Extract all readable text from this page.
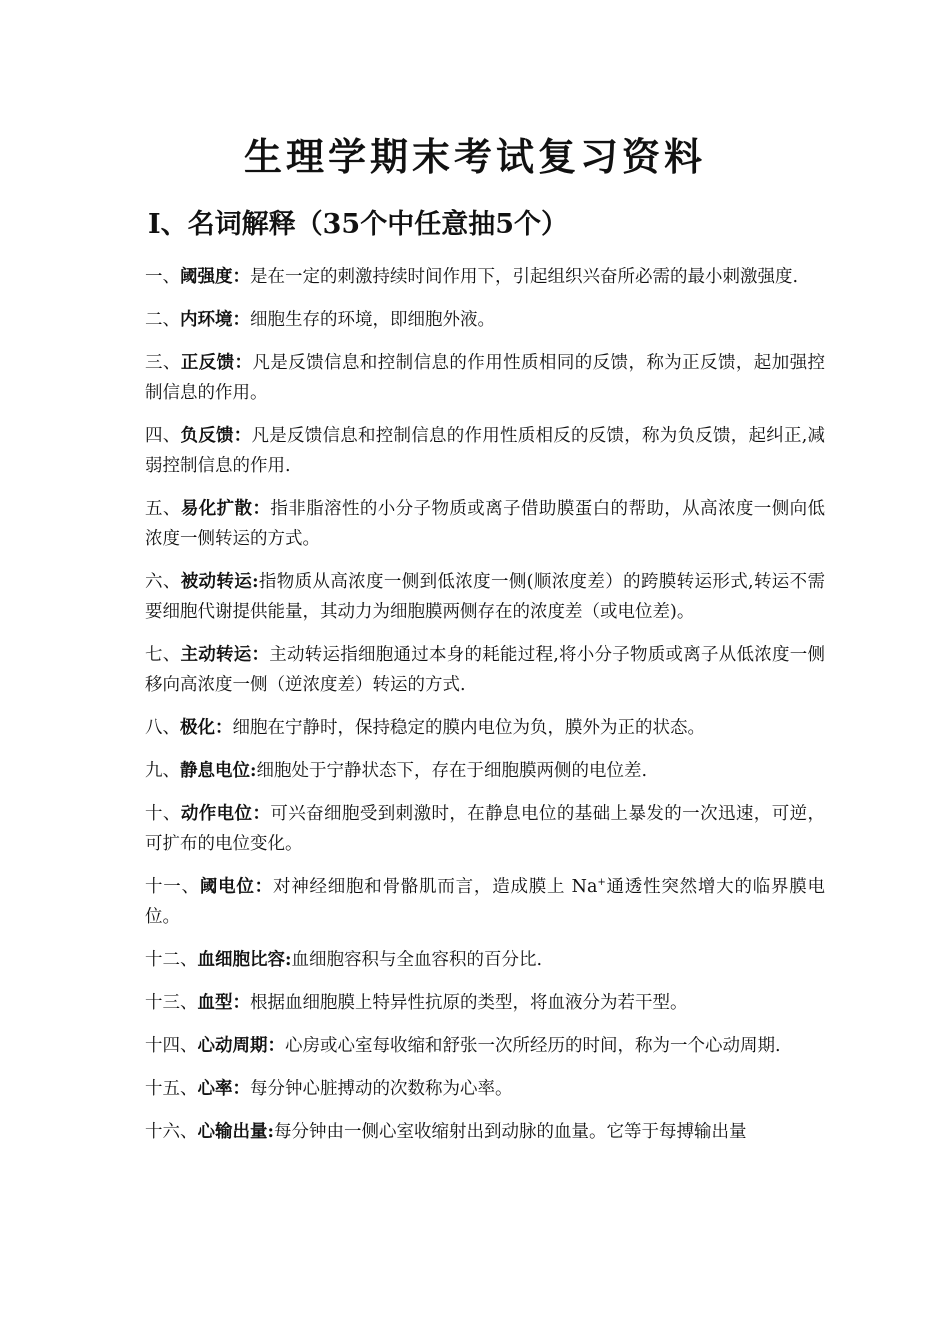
生理学期末考试复习资料
Ⅰ、名词解释（35个中任意抽5个）

一、阈强度：是在一定的刺激持续时间作用下，引起组织兴奋所必需的最小刺激强度.

二、内环境：细胞生存的环境，即细胞外液。

三、正反馈：凡是反馈信息和控制信息的作用性质相同的反馈，称为正反馈，起加强控制信息的作用。

四、负反馈：凡是反馈信息和控制信息的作用性质相反的反馈，称为负反馈，起纠正,减弱控制信息的作用.

五、易化扩散：指非脂溶性的小分子物质或离子借助膜蛋白的帮助，从高浓度一侧向低浓度一侧转运的方式。

六、被动转运:指物质从高浓度一侧到低浓度一侧(顺浓度差）的跨膜转运形式,转运不需要细胞代谢提供能量，其动力为细胞膜两侧存在的浓度差（或电位差)。

七、主动转运：主动转运指细胞通过本身的耗能过程,将小分子物质或离子从低浓度一侧移向高浓度一侧（逆浓度差）转运的方式.

八、极化：细胞在宁静时，保持稳定的膜内电位为负，膜外为正的状态。

九、静息电位:细胞处于宁静状态下，存在于细胞膜两侧的电位差.

十、动作电位：可兴奋细胞受到刺激时，在静息电位的基础上暴发的一次迅速，可逆，可扩布的电位变化。

十一、阈电位：对神经细胞和骨骼肌而言，造成膜上 Na+通透性突然增大的临界膜电位。

十二、血细胞比容:血细胞容积与全血容积的百分比.

十三、血型：根据血细胞膜上特异性抗原的类型，将血液分为若干型。

十四、心动周期：心房或心室每收缩和舒张一次所经历的时间，称为一个心动周期.

十五、心率：每分钟心脏搏动的次数称为心率。

十六、心输出量:每分钟由一侧心室收缩射出到动脉的血量。它等于每搏输出量
